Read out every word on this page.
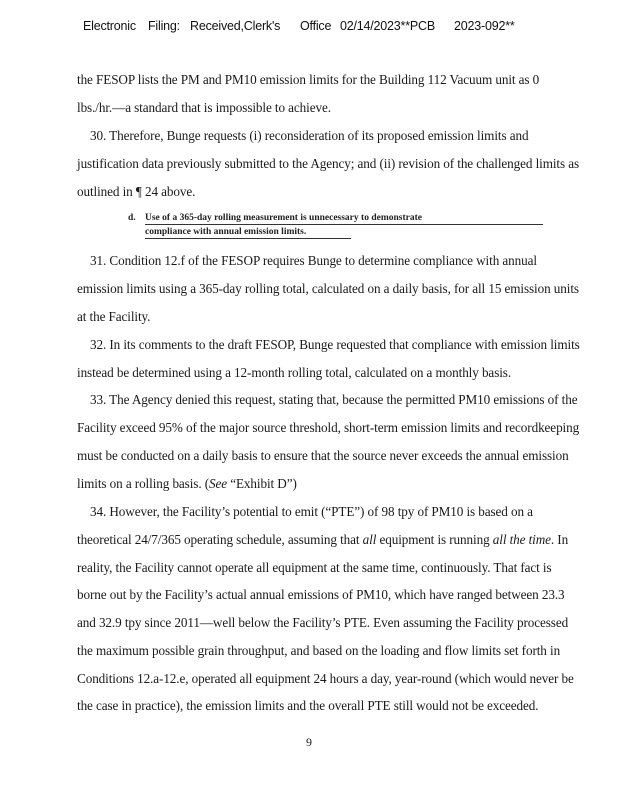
Electronic Filing: Received,Clerk's Office 02/14/2023**PCB 2023-092**
the FESOP lists the PM and PM10 emission limits for the Building 112 Vacuum unit as 0
lbs./hr.—a standard that is impossible to achieve.
30. Therefore, Bunge requests (i) reconsideration of its proposed emission limits and
justification data previously submitted to the Agency; and (ii) revision of the challenged limits as
outlined in ¶ 24 above.
d. Use of a 365-day rolling measurement is unnecessary to demonstrate
compliance with annual emission limits.
31. Condition 12.f of the FESOP requires Bunge to determine compliance with annual
emission limits using a 365-day rolling total, calculated on a daily basis, for all 15 emission units
at the Facility.
32. In its comments to the draft FESOP, Bunge requested that compliance with emission limits
instead be determined using a 12-month rolling total, calculated on a monthly basis.
33. The Agency denied this request, stating that, because the permitted PM10 emissions of the
Facility exceed 95% of the major source threshold, short-term emission limits and recordkeeping
must be conducted on a daily basis to ensure that the source never exceeds the annual emission
limits on a rolling basis. (See “Exhibit D”)
34. However, the Facility’s potential to emit (“PTE”) of 98 tpy of PM10 is based on a
theoretical 24/7/365 operating schedule, assuming that all equipment is running all the time. In
reality, the Facility cannot operate all equipment at the same time, continuously. That fact is
borne out by the Facility’s actual annual emissions of PM10, which have ranged between 23.3
and 32.9 tpy since 2011—well below the Facility’s PTE. Even assuming the Facility processed
the maximum possible grain throughput, and based on the loading and flow limits set forth in
Conditions 12.a-12.e, operated all equipment 24 hours a day, year-round (which would never be
the case in practice), the emission limits and the overall PTE still would not be exceeded.
9
